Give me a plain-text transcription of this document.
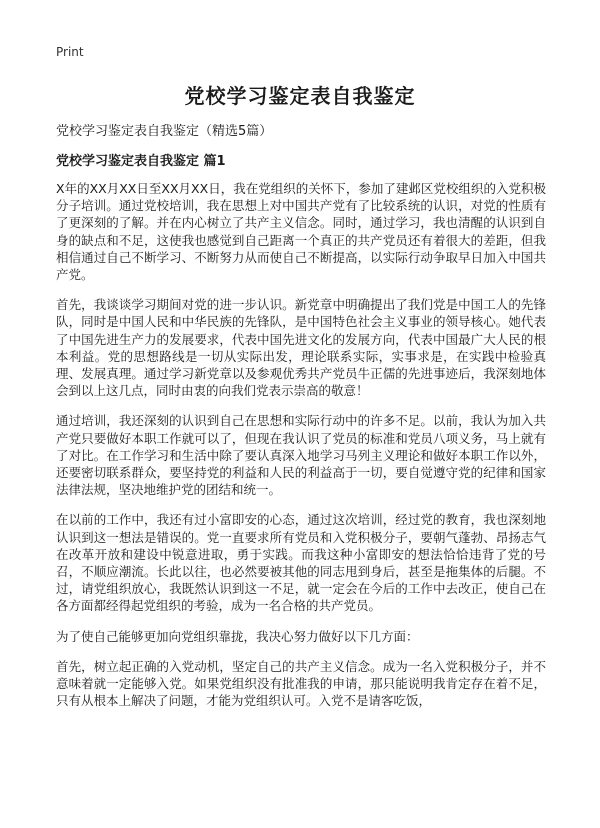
Print
党校学习鉴定表自我鉴定
党校学习鉴定表自我鉴定（精选5篇）
党校学习鉴定表自我鉴定 篇1

X年的XX月XX日至XX月XX日，我在党组织的关怀下，参加了建邺区党校组织的入党积极分子培训。通过党校培训，我在思想上对中国共产党有了比较系统的认识，对党的性质有了更深刻的了解。并在内心树立了共产主义信念。同时，通过学习，我也清醒的认识到自身的缺点和不足，这使我也感觉到自己距离一个真正的共产党员还有着很大的差距，但我相信通过自己不断学习、不断努力从而使自己不断提高，以实际行动争取早日加入中国共产党。

首先，我谈谈学习期间对党的进一步认识。新党章中明确提出了我们党是中国工人的先锋队，同时是中国人民和中华民族的先锋队，是中国特色社会主义事业的领导核心。她代表了中国先进生产力的发展要求，代表中国先进文化的发展方向，代表中国最广大人民的根本利益。党的思想路线是一切从实际出发，理论联系实际，实事求是，在实践中检验真理、发展真理。通过学习新党章以及参观优秀共产党员牛正儒的先进事迹后，我深刻地体会到以上这几点，同时由衷的向我们党表示崇高的敬意！

通过培训，我还深刻的认识到自己在思想和实际行动中的许多不足。以前，我认为加入共产党只要做好本职工作就可以了，但现在我认识了党员的标准和党员八项义务，马上就有了对比。在工作学习和生活中除了要认真深入地学习马列主义理论和做好本职工作以外，还要密切联系群众，要坚持党的利益和人民的利益高于一切，要自觉遵守党的纪律和国家法律法规，坚决地维护党的团结和统一。

在以前的工作中，我还有过小富即安的心态，通过这次培训，经过党的教育，我也深刻地认识到这一想法是错误的。党一直要求所有党员和入党积极分子，要朝气蓬勃、昂扬志气在改革开放和建设中锐意进取，勇于实践。而我这种小富即安的想法恰恰违背了党的号召，不顺应潮流。长此以往，也必然要被其他的同志甩到身后，甚至是拖集体的后腿。不过，请党组织放心，我既然认识到这一不足，就一定会在今后的工作中去改正，使自己在各方面都经得起党组织的考验，成为一名合格的共产党员。

为了使自己能够更加向党组织靠拢，我决心努力做好以下几方面：

首先，树立起正确的入党动机，坚定自己的共产主义信念。成为一名入党积极分子，并不意味着就一定能够入党。如果党组织没有批准我的申请，那只能说明我肯定存在着不足，只有从根本上解决了问题，才能为党组织认可。入党不是请客吃饭，
